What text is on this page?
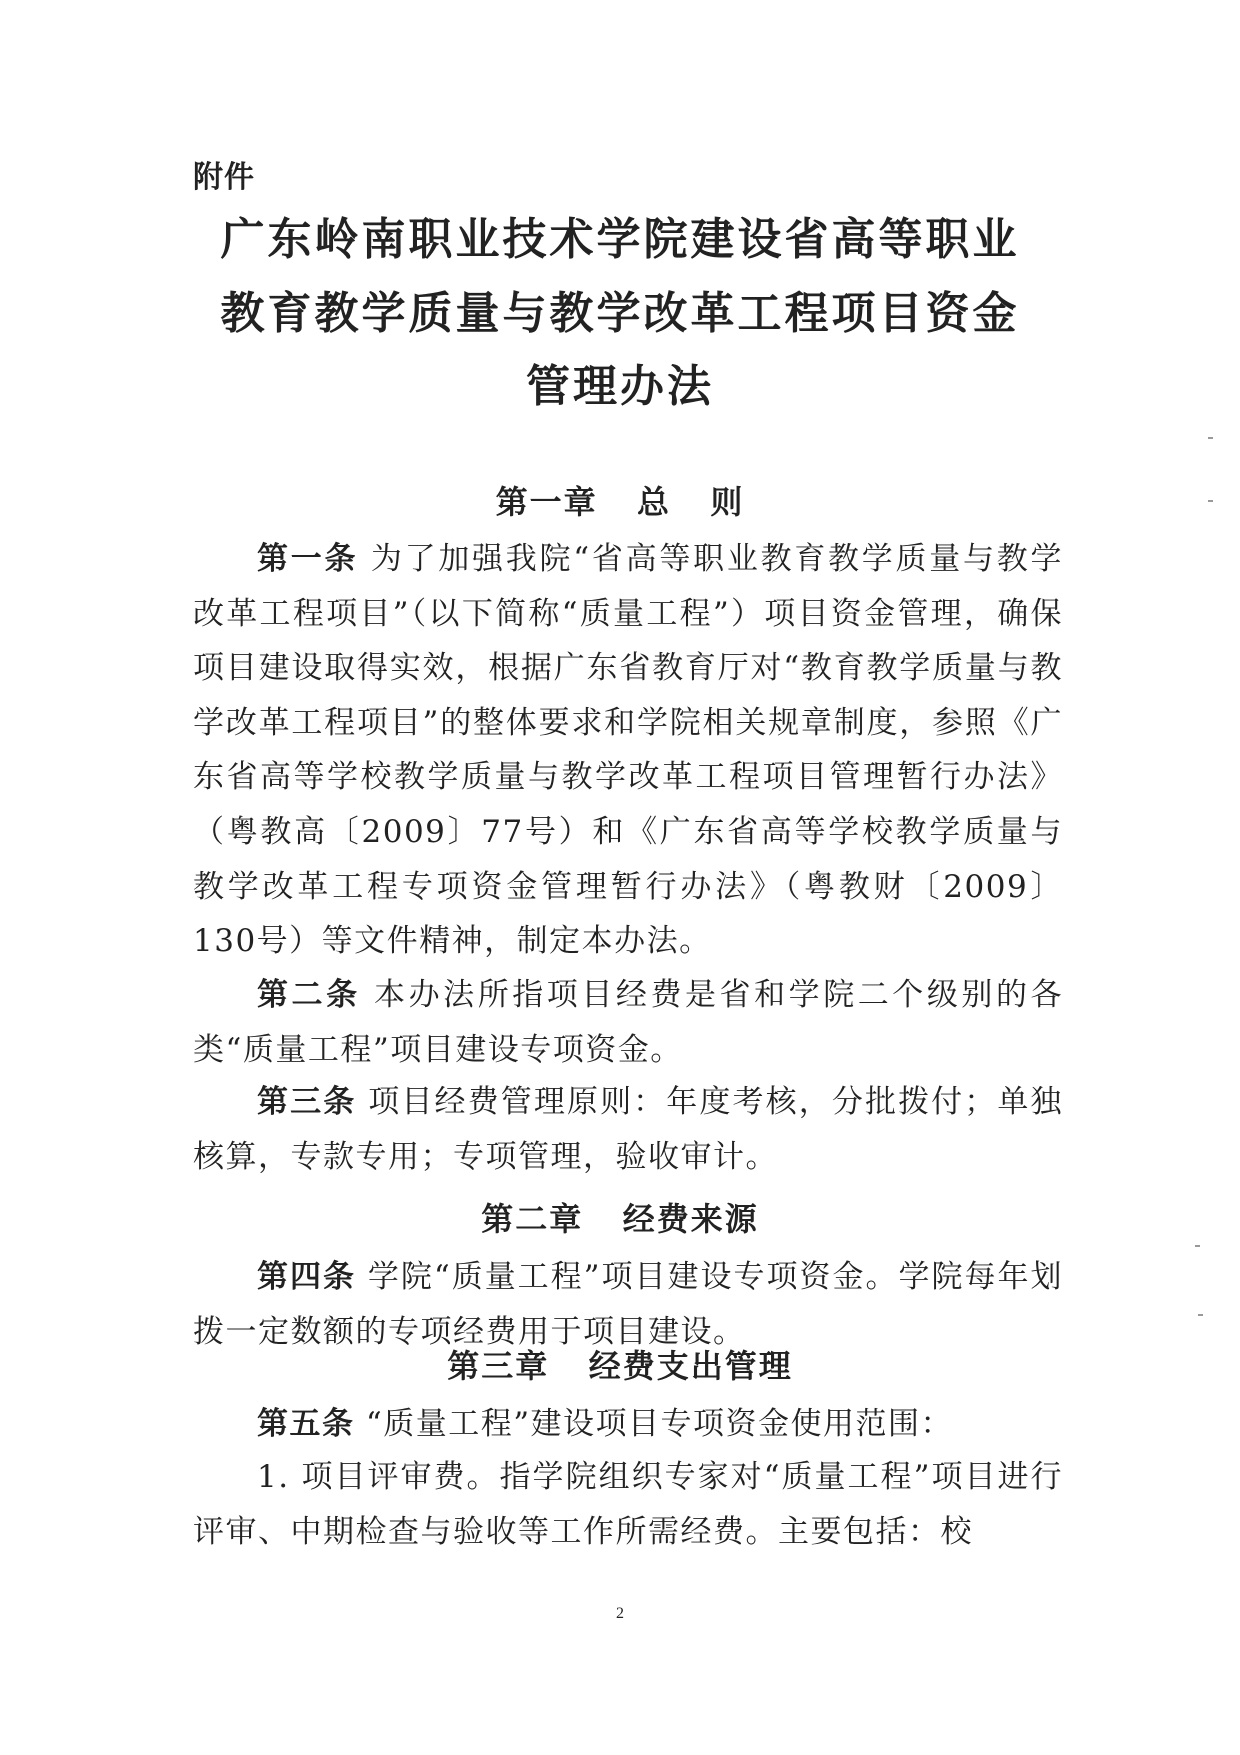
附件
广东岭南职业技术学院建设省高等职业
教育教学质量与教学改革工程项目资金
管理办法
第一章   总   则
第一条 为了加强我院“省高等职业教育教学质量与教学改革工程项目”（以下简称“质量工程”）项目资金管理，确保项目建设取得实效，根据广东省教育厅对“教育教学质量与教学改革工程项目”的整体要求和学院相关规章制度，参照《广东省高等学校教学质量与教学改革工程项目管理暂行办法》（粤教高〔2009〕77号）和《广东省高等学校教学质量与教学改革工程专项资金管理暂行办法》（粤教财〔2009〕130号）等文件精神，制定本办法。
第二条 本办法所指项目经费是省和学院二个级别的各类“质量工程”项目建设专项资金。
第三条 项目经费管理原则：年度考核，分批拨付；单独核算，专款专用；专项管理，验收审计。
第二章   经费来源
第四条 学院“质量工程”项目建设专项资金。学院每年划拨一定数额的专项经费用于项目建设。
第三章   经费支出管理
第五条 “质量工程”建设项目专项资金使用范围：
1. 项目评审费。指学院组织专家对“质量工程”项目进行评审、中期检查与验收等工作所需经费。主要包括：校
2
